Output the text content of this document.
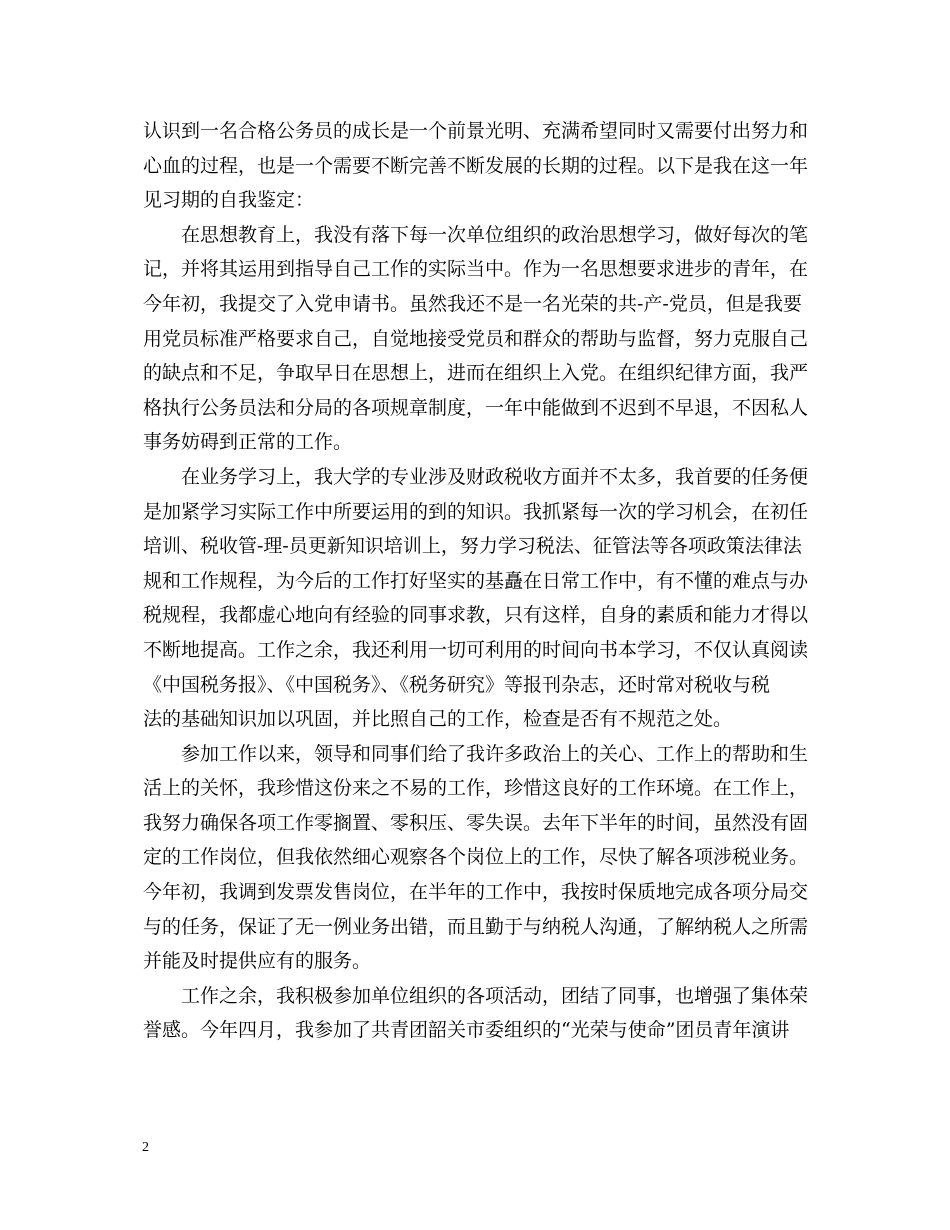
认识到一名合格公务员的成长是一个前景光明、充满希望同时又需要付出努力和
心血的过程，也是一个需要不断完善不断发展的长期的过程。以下是我在这一年
见习期的自我鉴定：
在思想教育上，我没有落下每一次单位组织的政治思想学习，做好每次的笔
记，并将其运用到指导自己工作的实际当中。作为一名思想要求进步的青年，在
今年初，我提交了入党申请书。虽然我还不是一名光荣的共-产-党员，但是我要
用党员标准严格要求自己，自觉地接受党员和群众的帮助与监督，努力克服自己
的缺点和不足，争取早日在思想上，进而在组织上入党。在组织纪律方面，我严
格执行公务员法和分局的各项规章制度，一年中能做到不迟到不早退，不因私人
事务妨碍到正常的工作。
在业务学习上，我大学的专业涉及财政税收方面并不太多，我首要的任务便
是加紧学习实际工作中所要运用的到的知识。我抓紧每一次的学习机会，在初任
培训、税收管-理-员更新知识培训上，努力学习税法、征管法等各项政策法律法
规和工作规程，为今后的工作打好坚实的基矗在日常工作中，有不懂的难点与办
税规程，我都虚心地向有经验的同事求教，只有这样，自身的素质和能力才得以
不断地提高。工作之余，我还利用一切可利用的时间向书本学习，不仅认真阅读
《中国税务报》、《中国税务》、《税务研究》等报刊杂志，还时常对税收与税
法的基础知识加以巩固，并比照自己的工作，检查是否有不规范之处。
参加工作以来，领导和同事们给了我许多政治上的关心、工作上的帮助和生
活上的关怀，我珍惜这份来之不易的工作，珍惜这良好的工作环境。在工作上，
我努力确保各项工作零搁置、零积压、零失误。去年下半年的时间，虽然没有固
定的工作岗位，但我依然细心观察各个岗位上的工作，尽快了解各项涉税业务。
今年初，我调到发票发售岗位，在半年的工作中，我按时保质地完成各项分局交
与的任务，保证了无一例业务出错，而且勤于与纳税人沟通，了解纳税人之所需
并能及时提供应有的服务。
工作之余，我积极参加单位组织的各项活动，团结了同事，也增强了集体荣
誉感。今年四月，我参加了共青团韶关市委组织的“光荣与使命”团员青年演讲
2
